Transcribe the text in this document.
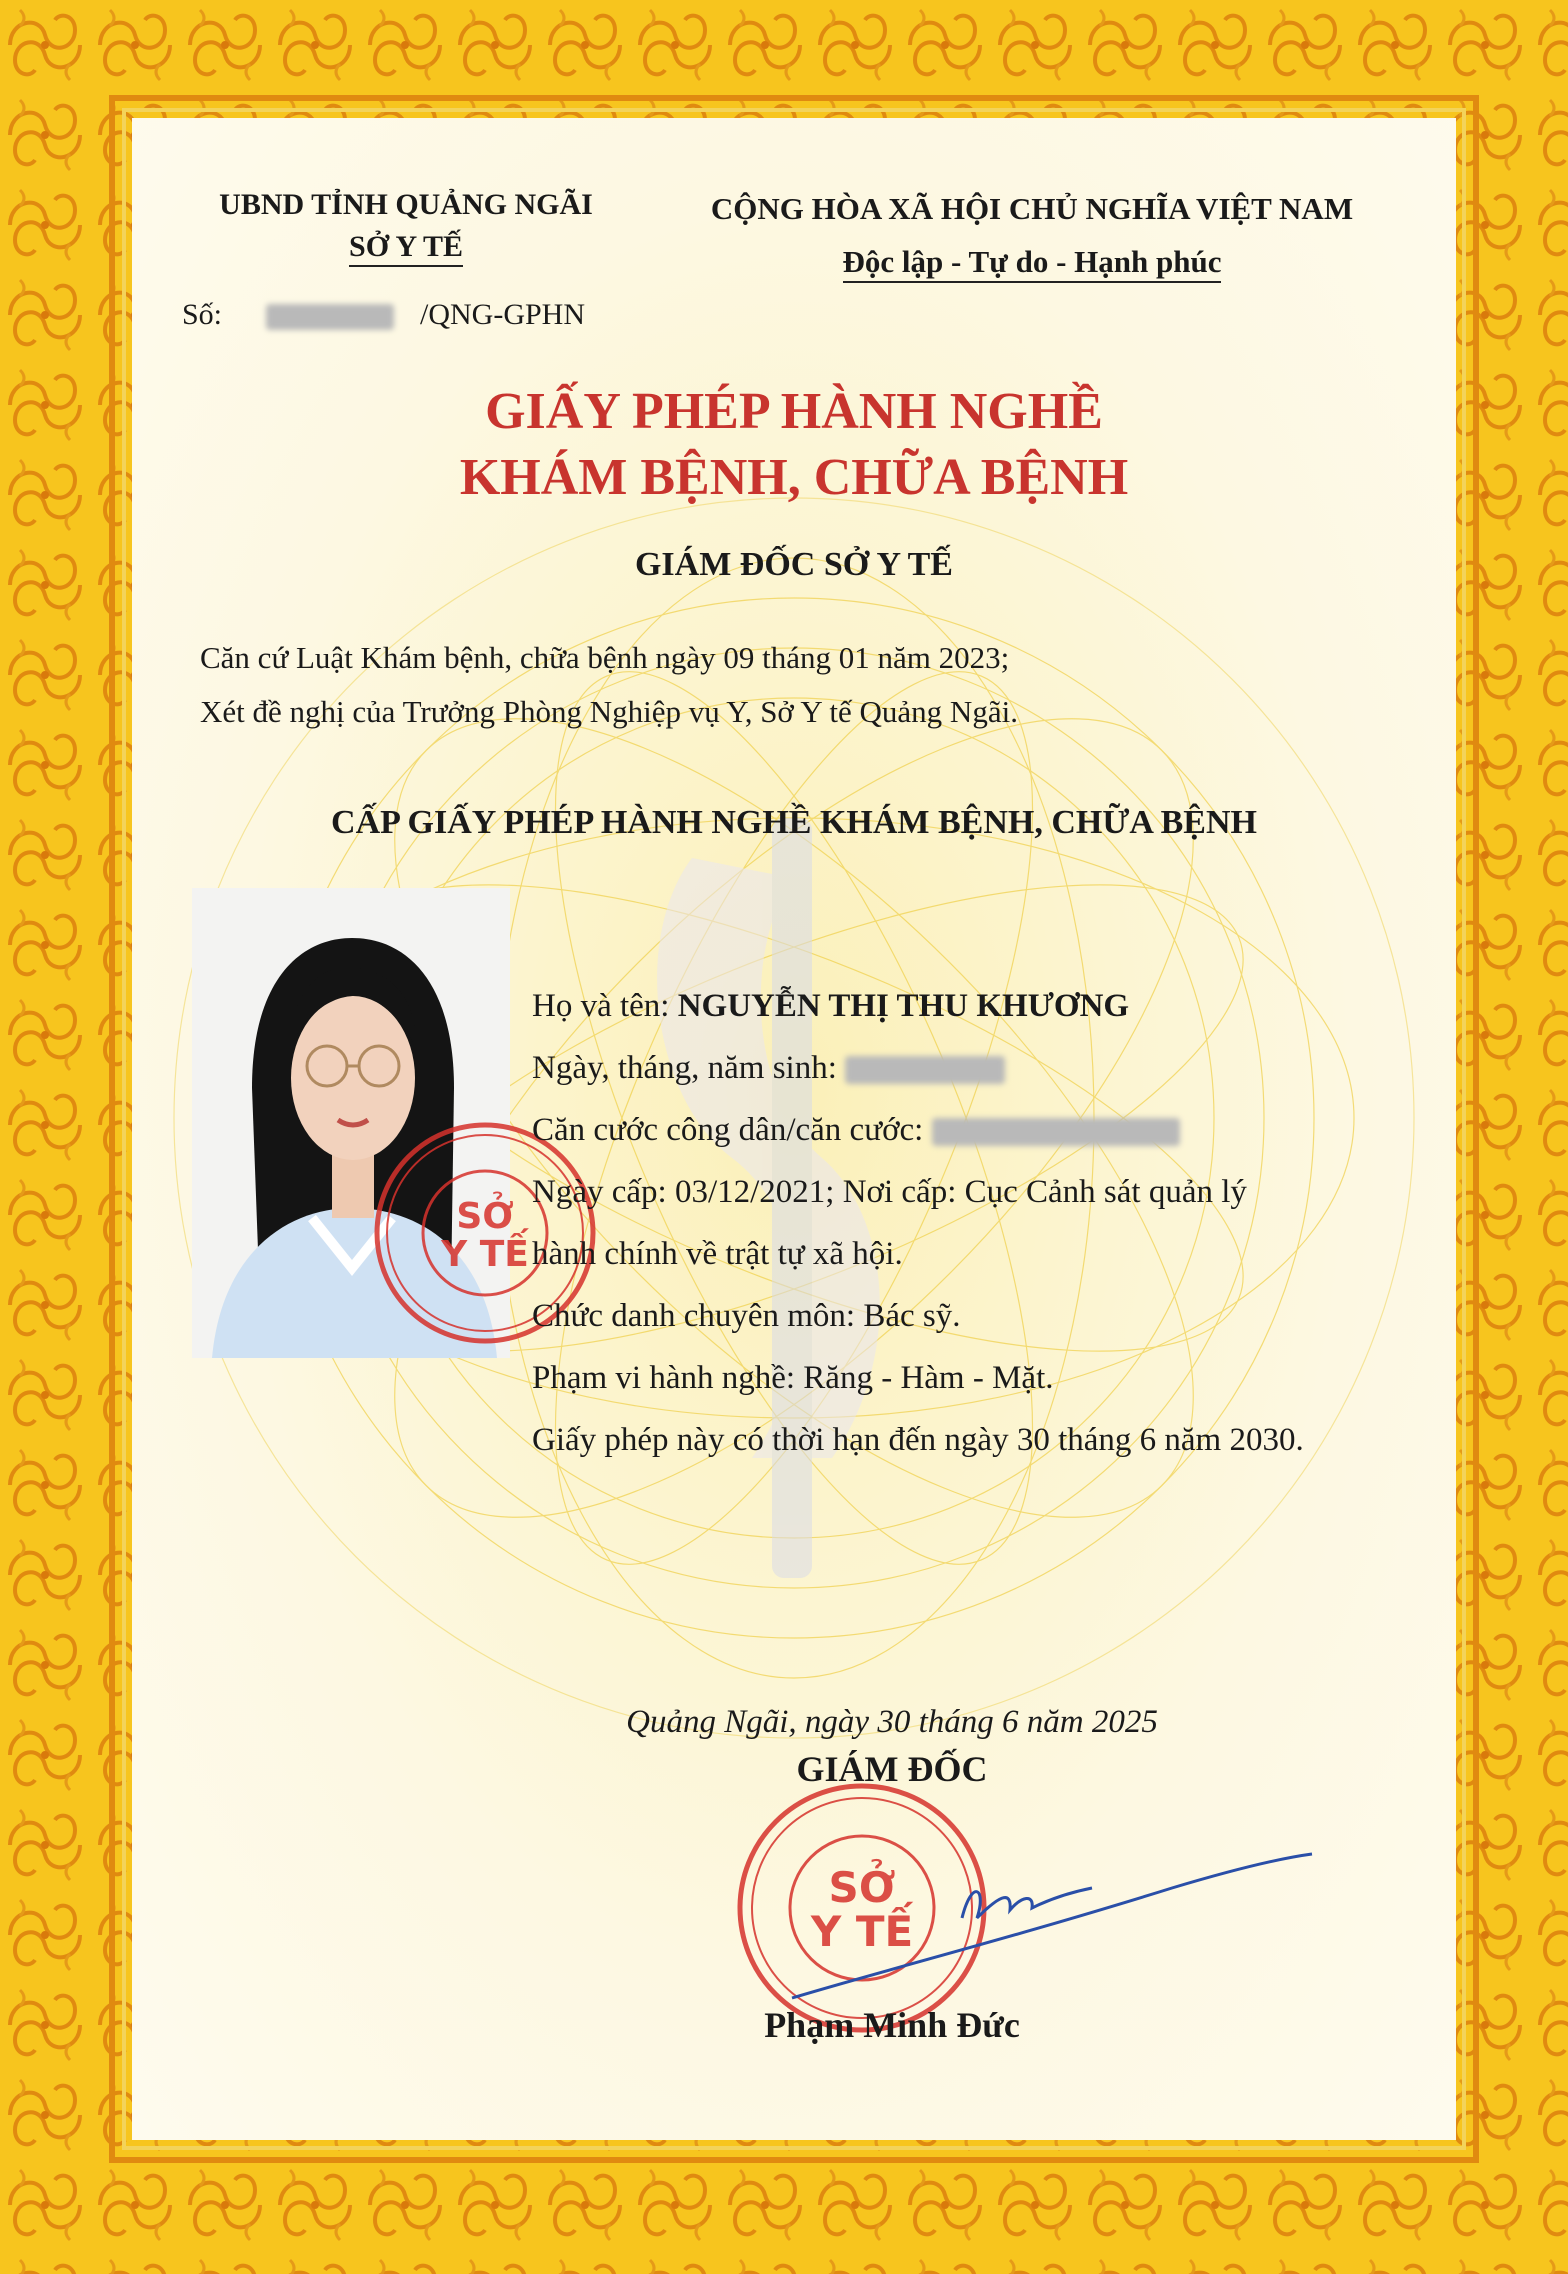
UBND TỈNH QUẢNG NGÃI
SỞ Y TẾ
Số:	/QNG-GPHN
CỘNG HÒA XÃ HỘI CHỦ NGHĨA VIỆT NAM
Độc lập - Tự do - Hạnh phúc
GIẤY PHÉP HÀNH NGHỀ
KHÁM BỆNH, CHỮA BỆNH
GIÁM ĐỐC SỞ Y TẾ
Căn cứ Luật Khám bệnh, chữa bệnh ngày 09 tháng 01 năm 2023;
Xét đề nghị của Trưởng Phòng Nghiệp vụ Y, Sở Y tế Quảng Ngãi.
CẤP GIẤY PHÉP HÀNH NGHỀ KHÁM BỆNH, CHỮA BỆNH
SỞ
Y TẾ
Họ và tên: NGUYỄN THỊ THU KHƯƠNG
Ngày, tháng, năm sinh:
Căn cước công dân/căn cước:
Ngày cấp: 03/12/2021; Nơi cấp: Cục Cảnh sát quản lý
hành chính về trật tự xã hội.
Chức danh chuyên môn: Bác sỹ.
Phạm vi hành nghề: Răng - Hàm - Mặt.
Giấy phép này có thời hạn đến ngày 30 tháng 6 năm 2030.
Quảng Ngãi, ngày 30 tháng 6 năm 2025
GIÁM ĐỐC
SỞ
Y TẾ
Phạm Minh Đức
